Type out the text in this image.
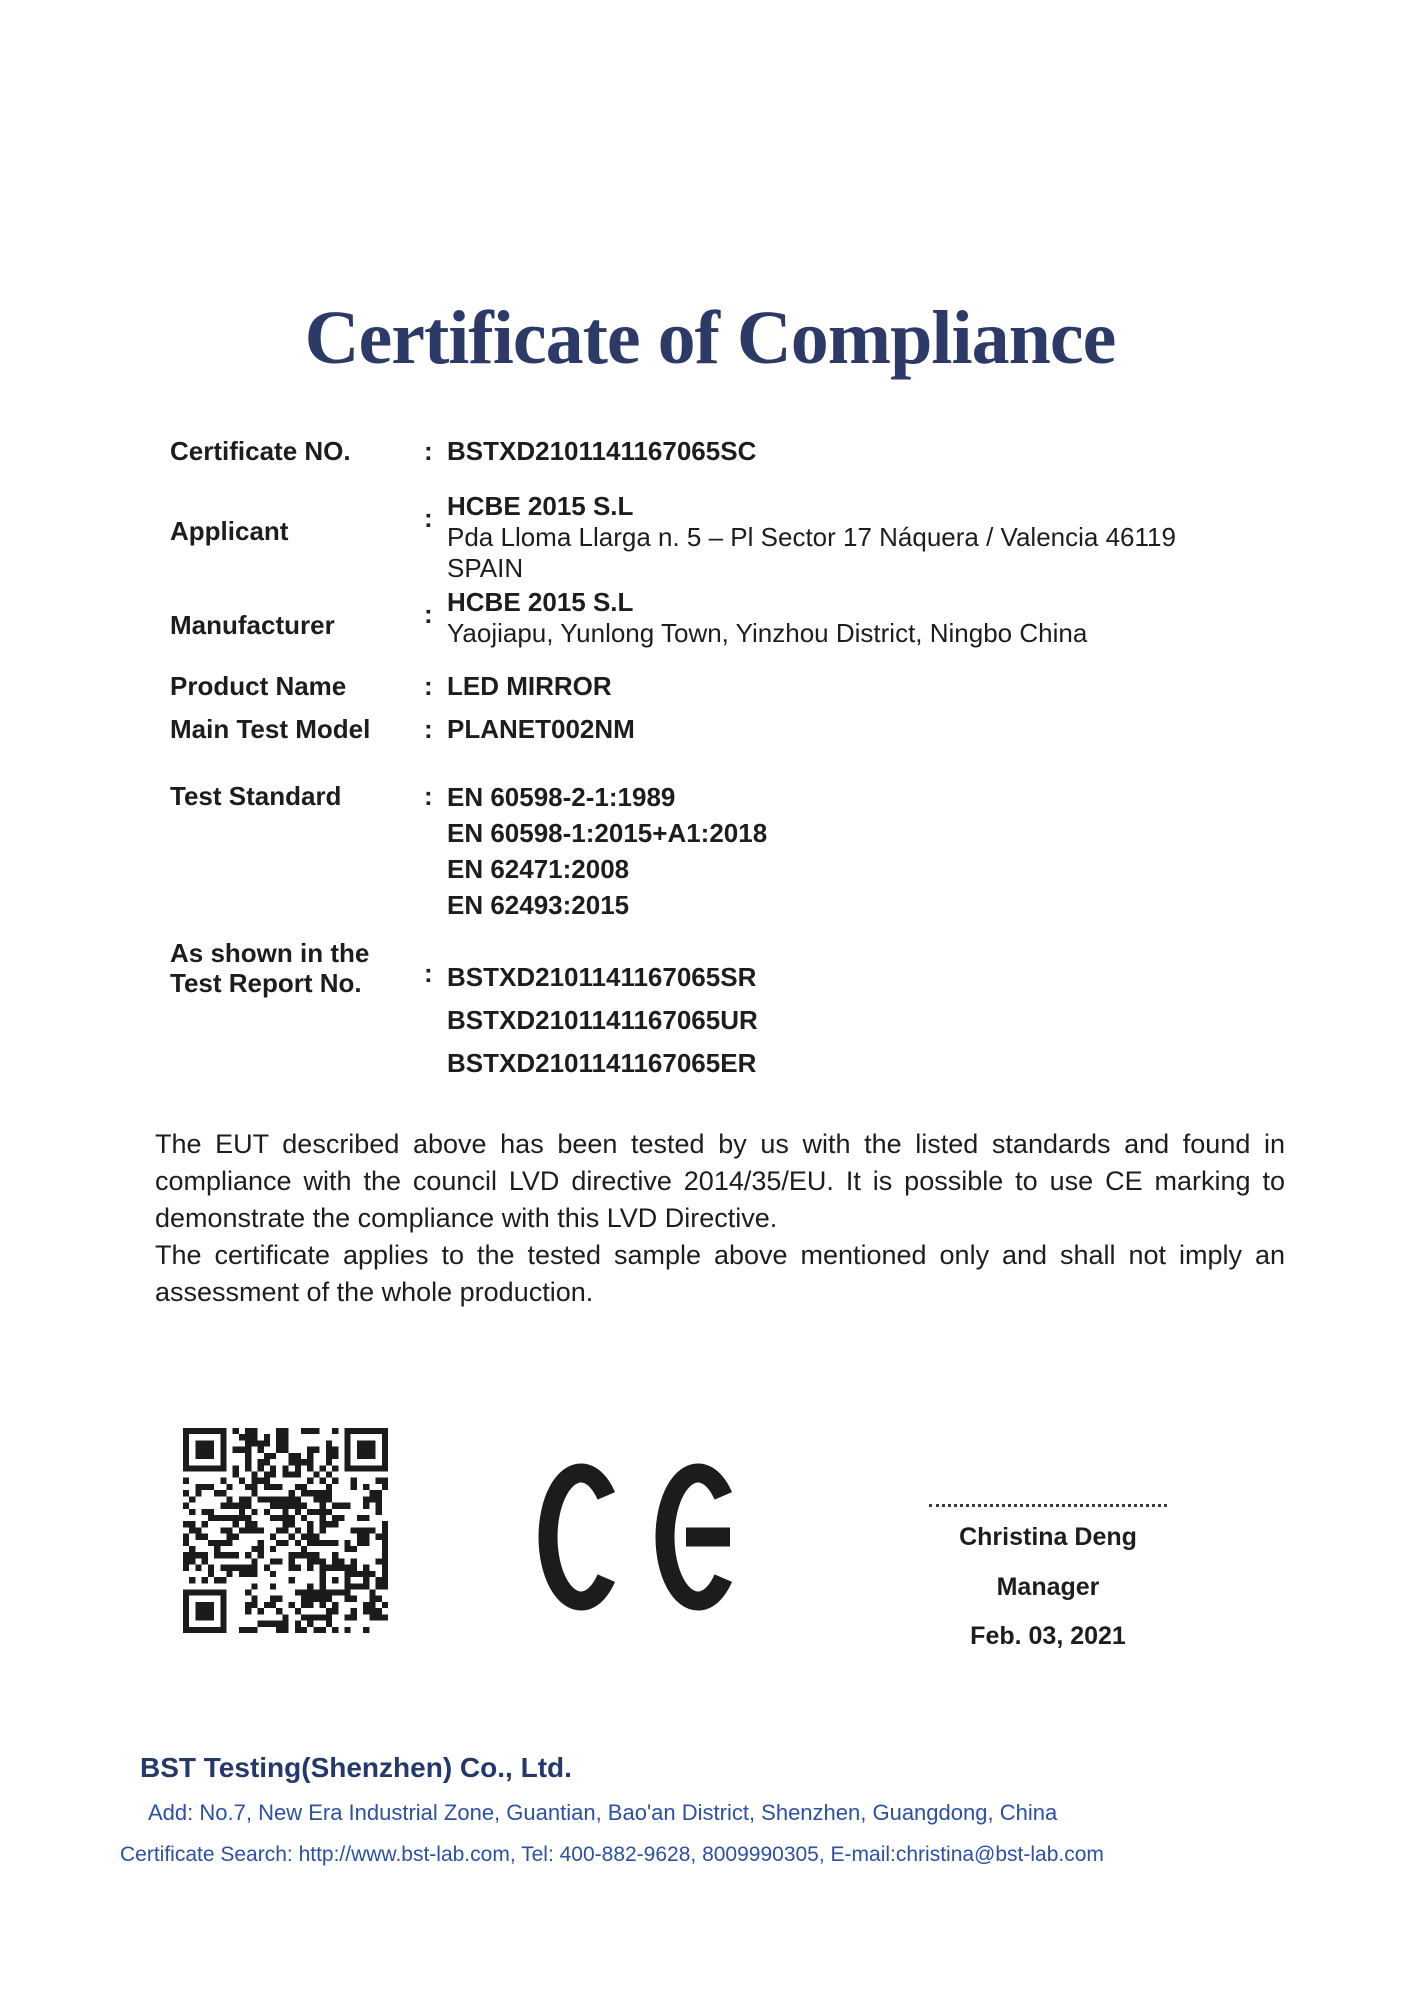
Certificate of Compliance
Certificate NO.	: BSTXD2101141167065SC
Applicant	: HCBE 2015 S.L
Pda Lloma Llarga n. 5 – Pl Sector 17 Náquera / Valencia 46119
SPAIN
Manufacturer	: HCBE 2015 S.L
Yaojiapu, Yunlong Town, Yinzhou District, Ningbo China
Product Name	: LED MIRROR
Main Test Model : PLANET002NM
Test Standard	: EN 60598-2-1:1989
EN 60598-1:2015+A1:2018
EN 62471:2008
EN 62493:2015
As shown in the
Test Report No. : BSTXD2101141167065SR
BSTXD2101141167065UR
BSTXD2101141167065ER

The EUT described above has been tested by us with the listed standards and found in compliance with the council LVD directive 2014/35/EU. It is possible to use CE marking to demonstrate the compliance with this LVD Directive.

The certificate applies to the tested sample above mentioned only and shall not imply an assessment of the whole production.

Christina Deng
Manager
Feb. 03, 2021
BST Testing(Shenzhen) Co., Ltd.
Add: No.7, New Era Industrial Zone, Guantian, Bao'an District, Shenzhen, Guangdong, China
Certificate Search: http://www.bst-lab.com, Tel: 400-882-9628, 8009990305, E-mail:christina@bst-lab.com
